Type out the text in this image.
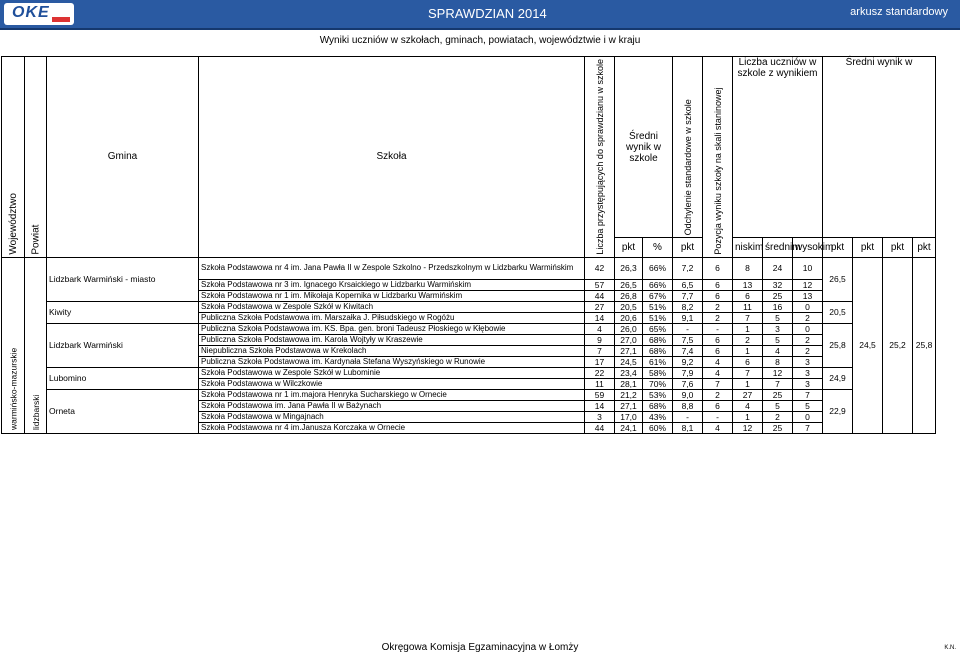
OKE	SPRAWDZIAN 2014	arkusz standardowy
Wyniki uczniów w szkołach, gminach, powiatach, województwie i w kraju
Województwo	Powiat	Gmina	Szkoła	Liczba przystępujących do sprawdzianu w szkole	Średni wynik w szkole		Odchylenie standardowe w szkole	Pozycja wyniku szkoły na skali staninowej	Liczba uczniów w szkole z wynikiem			Średni wynik w			
					pkt	%	pkt		niskim	średnim	wysokim	pkt	pkt	pkt	pkt
warmińsko-mazurskie	lidzbarski	Lidzbark Warmiński - miasto	Szkoła Podstawowa nr 4 im. Jana Pawła II w Zespole Szkolno - Przedszkolnym w Lidzbarku Warmińskim	42	26,3	66%	7,2	6	8	24	10	26,5	24,5	25,2	25,8
			Szkoła Podstawowa nr 3 im. Ignacego Krsaickiego w Lidzbarku Warmińskim	57	26,5	66%	6,5	6	13	32	12				
			Szkoła Podstawowa nr 1 im. Mikołaja Kopernika w Lidzbarku Warmińskim	44	26,8	67%	7,7	6	6	25	13				
		Kiwity	Szkoła Podstawowa w Zespole Szkół w Kiwitach	27	20,5	51%	8,2	2	11	16	0	20,5			
			Publiczna Szkoła Podstawowa im. Marszałka J. Piłsudskiego w Rogóżu	14	20,6	51%	9,1	2	7	5	2				
		Lidzbark Warmiński	Publiczna Szkoła Podstawowa im. KS. Bpa. gen. broni Tadeusz Płoskiego w Kłębowie	4	26,0	65%	-	-	1	3	0	25,8			
			Publiczna Szkoła Podstawowa im. Karola Wojtyły w Kraszewie	9	27,0	68%	7,5	6	2	5	2				
			Niepubliczna Szkoła Podstawowa w Krekolach	7	27,1	68%	7,4	6	1	4	2				
			Publiczna Szkoła Podstawowa im. Kardynała Stefana Wyszyńskiego w Runowie	17	24,5	61%	9,2	4	6	8	3				
		Lubomino	Szkoła Podstawowa w Zespole Szkół w Lubominie	22	23,4	58%	7,9	4	7	12	3	24,9			
			Szkoła Podstawowa w Wilczkowie	11	28,1	70%	7,6	7	1	7	3				
		Orneta	Szkoła Podstawowa nr 1 im.majora Henryka Sucharskiego w Ornecie	59	21,2	53%	9,0	2	27	25	7	22,9			
			Szkoła Podstawowa im. Jana Pawła II w Bażynach	14	27,1	68%	8,8	6	4	5	5				
			Szkoła Podstawowa w Mingajnach	3	17,0	43%	-	-	1	2	0				
			Szkoła Podstawowa nr 4 im.Janusza Korczaka w Ornecie	44	24,1	60%	8,1	4	12	25	7				
Okręgowa Komisja Egzaminacyjna w Łomży	K.N.
